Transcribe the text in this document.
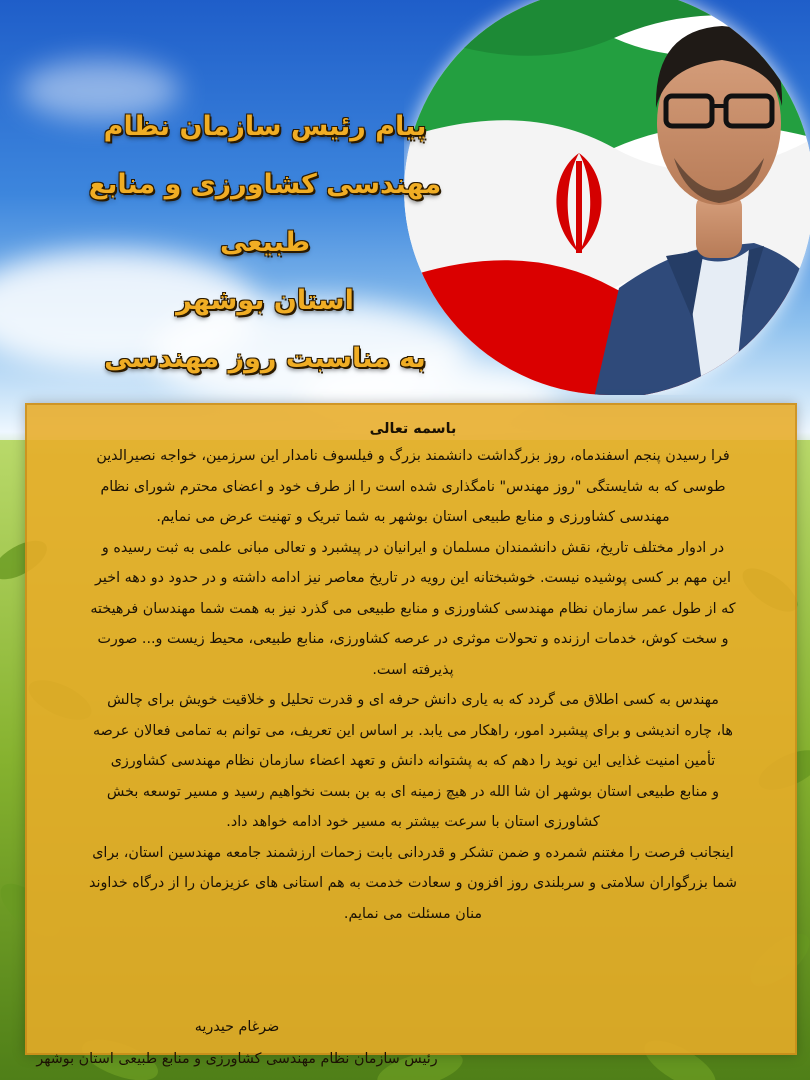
پیام رئیس سازمان نظام
مهندسی کشاورزی و منابع طبیعی
استان بوشهر
به مناسبت روز مهندسی
باسمه تعالی
فرا رسیدن پنجم اسفندماه، روز بزرگداشت دانشمند بزرگ و فیلسوف نامدار این سرزمین، خواجه نصیرالدین
طوسی که به شایستگی "روز مهندس" نامگذاری شده است را از طرف خود و اعضای محترم شورای نظام
مهندسی کشاورزی و منابع طبیعی استان بوشهر به شما تبریک و تهنیت عرض می نمایم.
در ادوار مختلف تاریخ، نقش دانشمندان مسلمان و ایرانیان در پیشبرد و تعالی مبانی علمی به ثبت رسیده و
این مهم بر کسی پوشیده نیست. خوشبختانه این رویه در تاریخ معاصر نیز ادامه داشته و در حدود دو دهه اخیر
که از طول عمر سازمان نظام مهندسی کشاورزی و منابع طبیعی می گذرد نیز به همت شما مهندسان فرهیخته
و سخت کوش، خدمات ارزنده و تحولات موثری در عرصه کشاورزی، منابع طبیعی، محیط زیست و... صورت
پذیرفته است.
مهندس به کسی اطلاق می گردد که به یاری دانش حرفه ای و قدرت تحلیل و خلاقیت خویش برای چالش
ها، چاره اندیشی و برای پیشبرد امور، راهکار می یابد. بر اساس این تعریف، می توانم به تمامی فعالان عرصه
تأمین امنیت غذایی این نوید را دهم که به پشتوانه دانش و تعهد اعضاء سازمان نظام مهندسی کشاورزی
و منابع طبیعی استان بوشهر ان شا الله در هیچ زمینه ای به بن بست نخواهیم رسید و مسیر توسعه بخش
کشاورزی استان با سرعت بیشتر به مسیر خود ادامه خواهد داد.
اینجانب فرصت را مغتنم شمرده و ضمن تشکر و قدردانی بابت زحمات ارزشمند جامعه مهندسین استان، برای
شما بزرگواران سلامتی و سربلندی روز افزون و سعادت خدمت به هم استانی های عزیزمان را از درگاه خداوند
منان مسئلت می نمایم.
ضرغام حیدریه
رئیس سازمان نظام مهندسی کشاورزی و منابع طبیعی استان بوشهر
